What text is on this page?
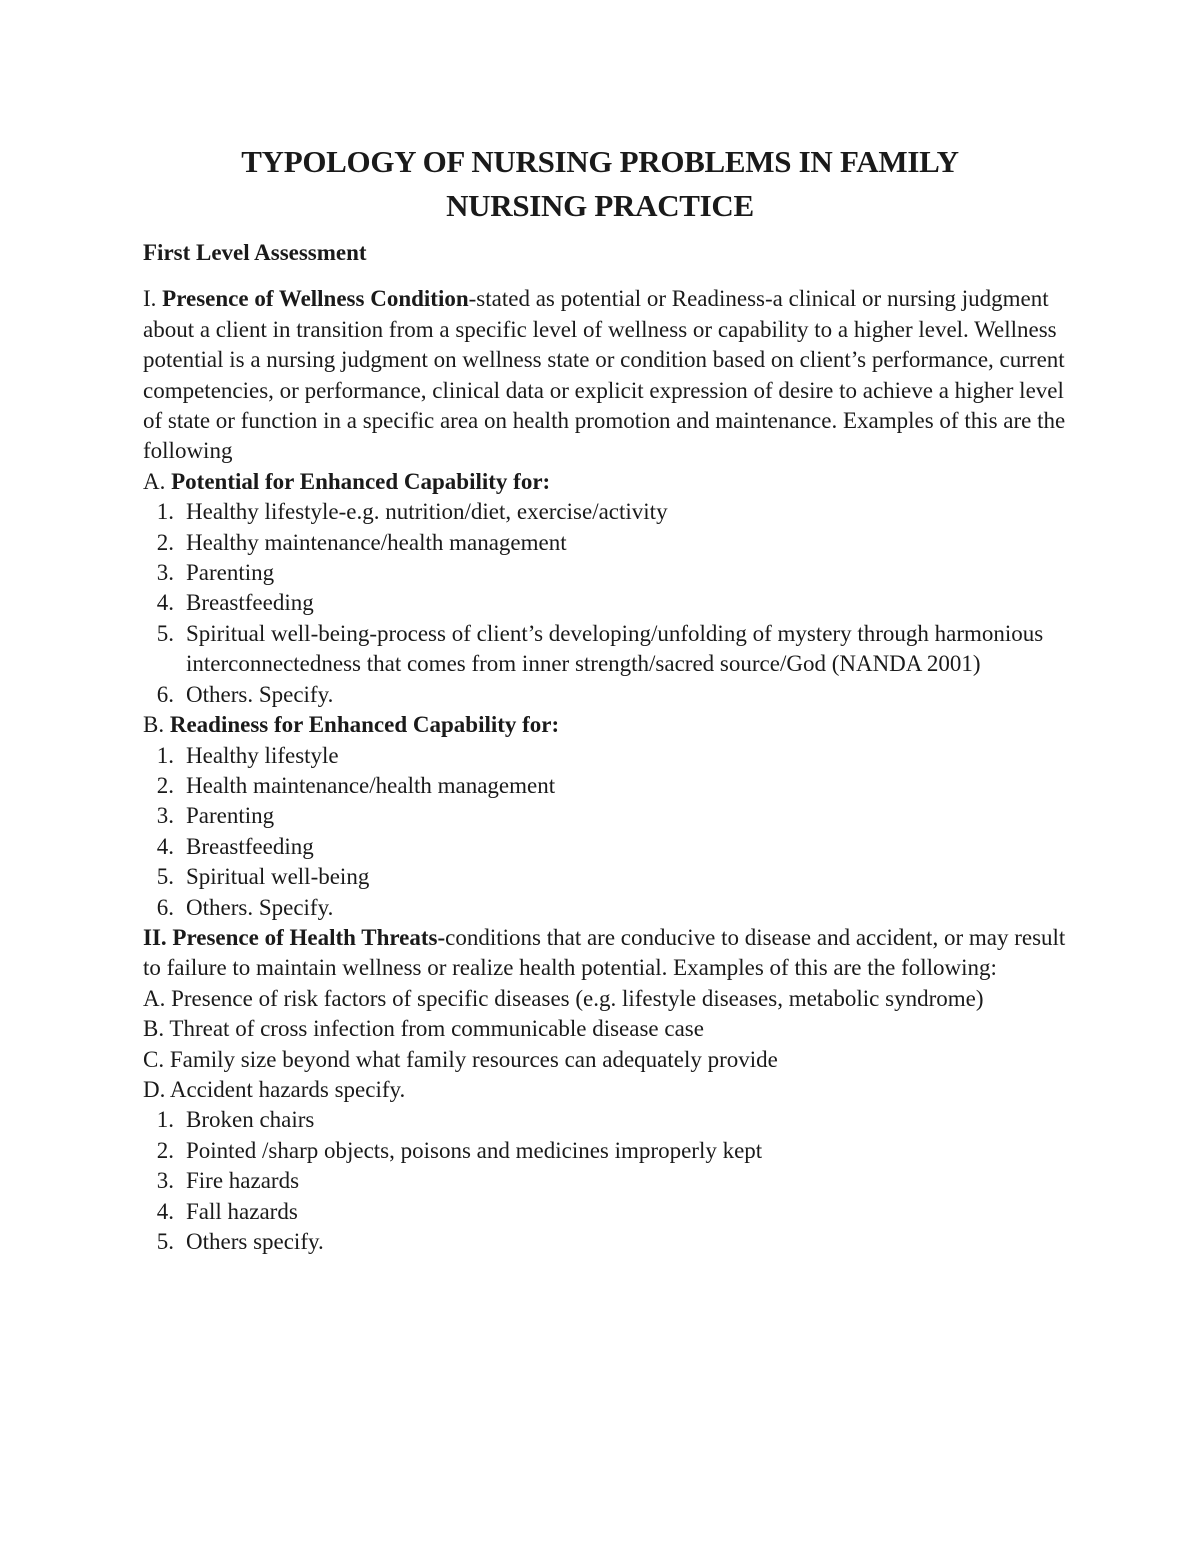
TYPOLOGY OF NURSING PROBLEMS IN FAMILY
NURSING PRACTICE

First Level Assessment

I. Presence of Wellness Condition-stated as potential or Readiness-a clinical or nursing judgment about a client in transition from a specific level of wellness or capability to a higher level. Wellness potential is a nursing judgment on wellness state or condition based on client’s performance, current competencies, or performance, clinical data or explicit expression of desire to achieve a higher level of state or function in a specific area on health promotion and maintenance. Examples of this are the following

A. Potential for Enhanced Capability for:

1. Healthy lifestyle-e.g. nutrition/diet, exercise/activity
2. Healthy maintenance/health management
3. Parenting
4. Breastfeeding
5. Spiritual well-being-process of client’s developing/unfolding of mystery through harmonious interconnectedness that comes from inner strength/sacred source/God (NANDA 2001)
6. Others. Specify.

B. Readiness for Enhanced Capability for:

1. Healthy lifestyle
2. Health maintenance/health management
3. Parenting
4. Breastfeeding
5. Spiritual well-being
6. Others. Specify.

II. Presence of Health Threats-conditions that are conducive to disease and accident, or may result to failure to maintain wellness or realize health potential. Examples of this are the following:

A. Presence of risk factors of specific diseases (e.g. lifestyle diseases, metabolic syndrome)

B. Threat of cross infection from communicable disease case

C. Family size beyond what family resources can adequately provide

D. Accident hazards specify.

1. Broken chairs
2. Pointed /sharp objects, poisons and medicines improperly kept
3. Fire hazards
4. Fall hazards
5. Others specify.
